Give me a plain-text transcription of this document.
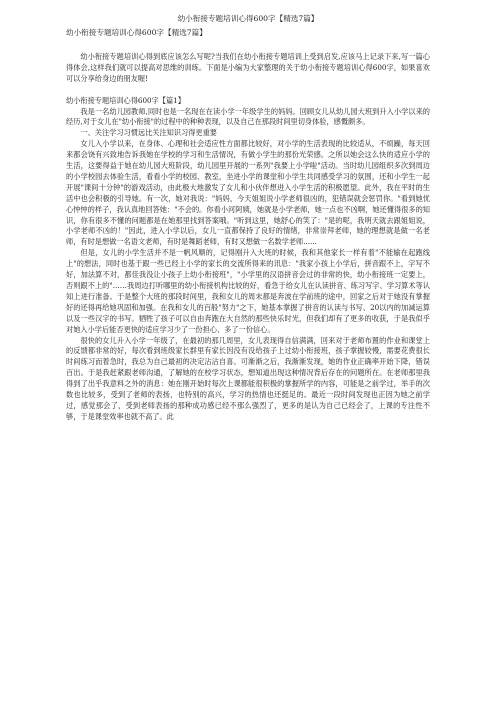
幼小衔接专题培训心得600字【精选7篇】
幼小衔接专题培训心得600字【精选7篇】

幼小衔接专题培训心得到底应该怎么写呢?当我们在幼小衔接专题培训上受到启发,应该马上记录下来,写一篇心得体会,这样我们就可以提高对思维的训练。下面是小编为大家整理的关于幼小衔接专题培训心得600字，如果喜欢可以分享给身边的朋友喔!

幼小衔接专题培训心得600字【篇1】

我是一名幼儿园教师,同时也是一名现在在读小学一年级学生的妈妈。回顾女儿从幼儿园大班到升入小学以来的经历,对于女儿在"幼小衔接"的过程中的种种表现，以及自己在那段时间里切身体验，感慨颇多。

一、关注学习习惯远比关注知识习得更重要

女儿入小学以来，在身体、心理和社会适应性方面都比较好，对小学的生活表现的比较适从，不烦躁，每天回来都会饶有兴致地告诉我她在学校的学习和生活情况，有做小学生的那份光荣感。之所以她会这么快的适应小学的生活，这要得益于她在幼儿园大班阶段，幼儿园里开展的一系列"我要上小学啦"活动。当时幼儿园组织多次到周边的小学校园去体验生活，看看小学的校园、教室，坐进小学的课堂和小学生共同感受学习的氛围，还和小学生一起开展"课间十分钟"的游戏活动，由此极大地激发了女儿和小伙伴想进入小学生活的积极愿望。此外，我在平时的生活中也会积极的引导她。有一次，她对我说："妈妈，今天姐姐说小学老师很凶的，犯错误就会惩罚你。"看到她忧心忡忡的样子，我认真地回答她："不会的。你看小河阿姨，她就是小学老师，她一点也不凶啊，她还懂得很多的知识，你有很多不懂的问题都是在她那里找到答案哦。"听到这里，她舒心的笑了："是的呢，我明天就去跟姐姐说，小学老师不凶的！"因此，进入小学以后，女儿一直都保持了良好的情绪，非常崇拜老师，她的理想就是做一名老师，有时是想做一名语文老师，有时是舞蹈老师，有时又想做一名数学老师......

但是，女儿的小学生活并不是一帆风顺的，记得刚升入大班的时候，我和其他家长一样有着"不能输在起跑线上"的想法，同时也基于跟一些已经上小学的家长的交流所得来的讯息："我家小孩上小学后，拼音跟不上，字写不好，加法算不对，都佳我没让小孩子上幼小衔接班"，"小学里的汉语拼音会过的非常的快，幼小衔接班一定要上，否则跟不上的"……我周边打听哪里的幼小衔接机构比较的好，看急于给女儿在认读拼音、练习写字、学习算术等认知上进行准备。于是整个大班的那段时间里，我和女儿的周末都是奔波在学前班的途中，回家之后对于她没有掌握好的还得再给她巩固和加强。在我和女儿的百般"努力"之下，她基本掌握了拼音的认读与书写、20以内的加减运算以及一些汉字的书写。牺牲了孩子可以自由奔跑在大自然的那些快乐时光，但我们却有了更多的收获，于是我似乎对她入小学后能否更快的适应学习少了一份担心、多了一份信心。

很快的女儿升入小学一年级了，在最初的那几周里，女儿表现得自信满满，回来对于老师布置的作业和课堂上的反馈都非常的好，每次看到班级家长群里有家长因没有没给孩子上过幼小衔接班，孩子掌握较慢，需要花费很长时间练习而着急时，我总为自己最初的决定沾沾自喜。可渐渐之后，我渐渐发现，她的作业正确率开始下降，错误百出。于是我赶紧跟老师沟通，了解她的在校学习状态，想知道出现这种情况背后存在的问题所在。在老师那里我得到了出乎我意料之外的消息：她在刚开始时每次上课都能很积极的掌握所学的内容，可能是之前学过，举手的次数也比较多，受到了老师的表扬，也特别的高兴，学习的热情也还挺足的。最近一段时间发现也正因为她之前学过，感觉那会了，受到老师表扬的那种成功感已经不那么强烈了，更多的是认为自己已经会了，上课的专注性不够，于是课堂效率也就不高了。此
